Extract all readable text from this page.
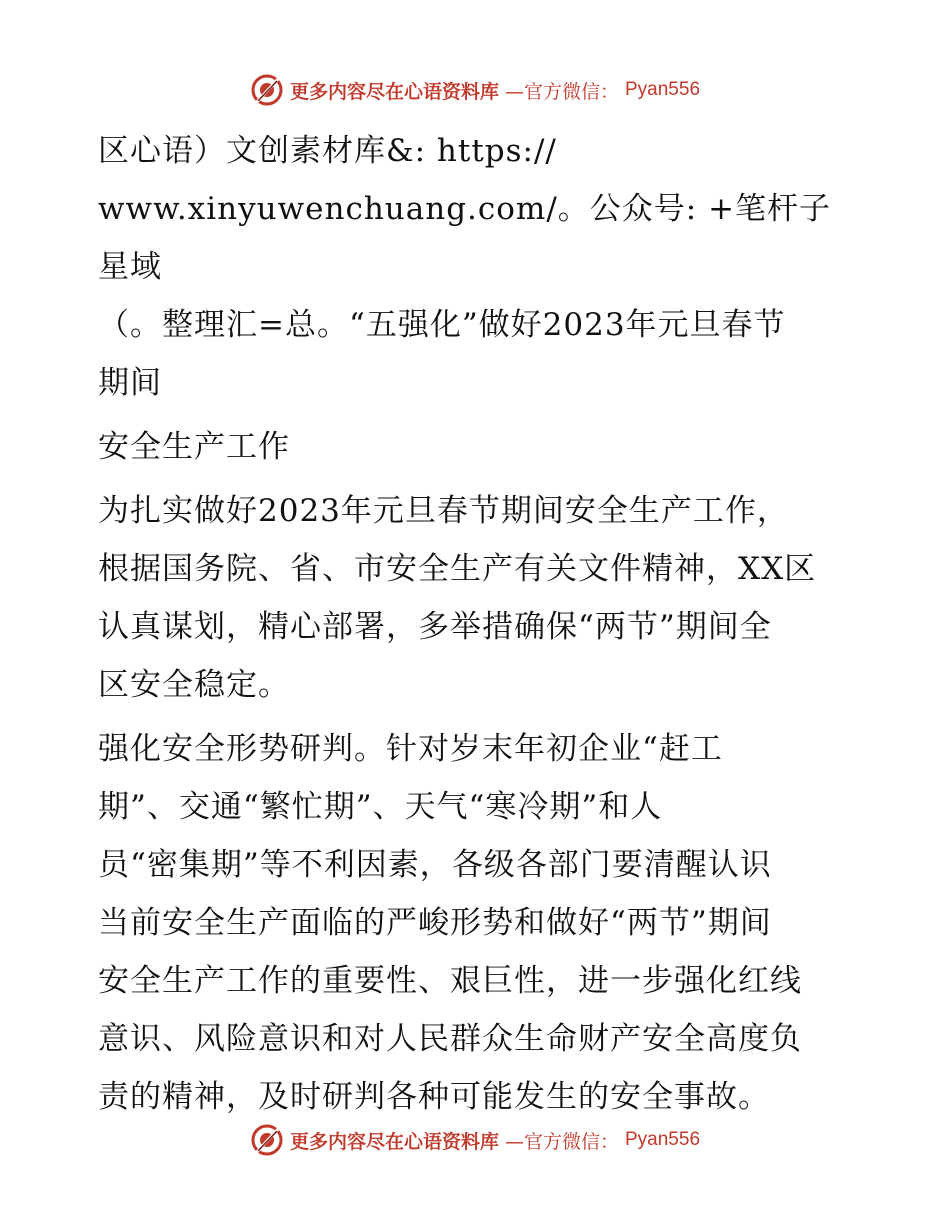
更多内容尽在心语资料库 —官方微信： Pyan556

区心语）文创素材库&: https://

www.xinyuwenchuang.com/。公众号: +笔杆子星域

（。整理汇=总。“五强化”做好2023年元旦春节

期间

安全生产工作

为扎实做好2023年元旦春节期间安全生产工作，

根据国务院、省、市安全生产有关文件精神，XX区

认真谋划，精心部署，多举措确保“两节”期间全

区安全稳定。

强化安全形势研判。针对岁末年初企业“赶工

期”、交通“繁忙期”、天气“寒冷期”和人

员“密集期”等不利因素，各级各部门要清醒认识

当前安全生产面临的严峻形势和做好“两节”期间

安全生产工作的重要性、艰巨性，进一步强化红线

意识、风险意识和对人民群众生命财产安全高度负

责的精神，及时研判各种可能发生的安全事故。

更多内容尽在心语资料库 —官方微信： Pyan556
